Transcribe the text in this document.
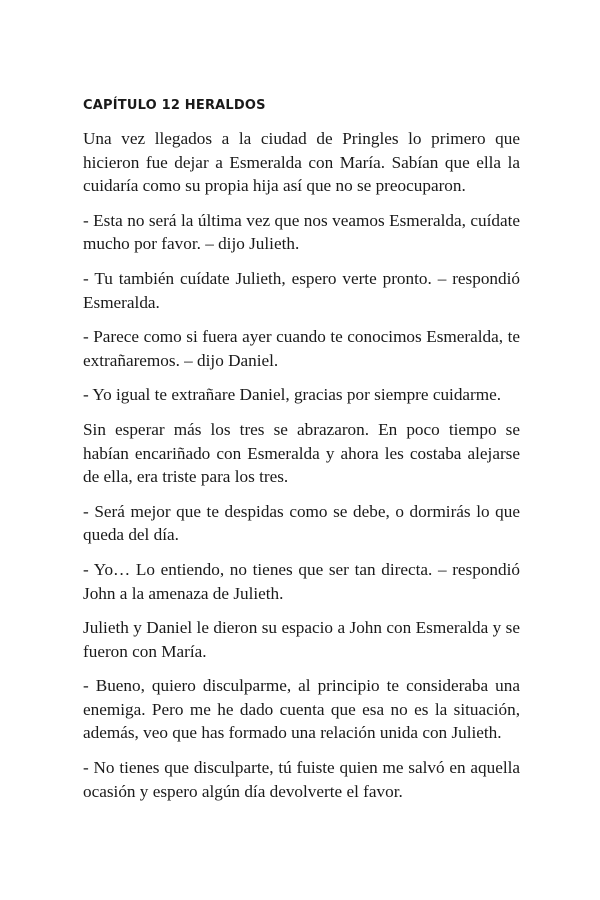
CAPÍTULO 12 HERALDOS

Una vez llegados a la ciudad de Pringles lo primero que hicieron fue dejar a Esmeralda con María. Sabían que ella la cuidaría como su propia hija así que no se preocuparon.

- Esta no será la última vez que nos veamos Esmeralda, cuídate mucho por favor. – dijo Julieth.

- Tu también cuídate Julieth, espero verte pronto. – respondió Esmeralda.

- Parece como si fuera ayer cuando te conocimos Esmeralda, te extrañaremos. – dijo Daniel.

- Yo igual te extrañare Daniel, gracias por siempre cuidarme.

Sin esperar más los tres se abrazaron. En poco tiempo se habían encariñado con Esmeralda y ahora les costaba alejarse de ella, era triste para los tres.

- Será mejor que te despidas como se debe, o dormirás lo que queda del día.

- Yo… Lo entiendo, no tienes que ser tan directa. – respondió John a la amenaza de Julieth.

Julieth y Daniel le dieron su espacio a John con Esmeralda y se fueron con María.

- Bueno, quiero disculparme, al principio te consideraba una enemiga. Pero me he dado cuenta que esa no es la situación, además, veo que has formado una relación unida con Julieth.

- No tienes que disculparte, tú fuiste quien me salvó en aquella ocasión y espero algún día devolverte el favor.
